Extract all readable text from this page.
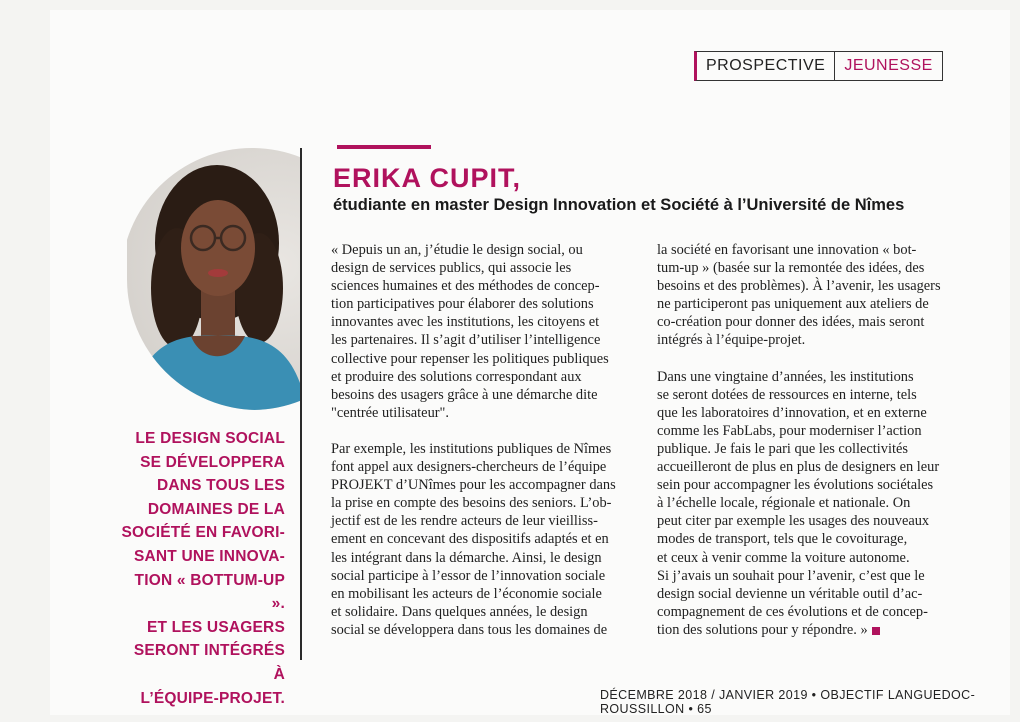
PROSPECTIVE	JEUNESSE
LE DESIGN SOCIAL
SE DÉVELOPPERA
DANS TOUS LES
DOMAINES DE LA
SOCIÉTÉ EN FAVORI-
SANT UNE INNOVA-
TION « BOTTUM-UP ».
ET LES USAGERS
SERONT INTÉGRÉS À
L’ÉQUIPE-PROJET.
ERIKA CUPIT,
étudiante en master Design Innovation et Société à l’Université de Nîmes

« Depuis un an, j’étudie le design social, ou
design de services publics, qui associe les
sciences humaines et des méthodes de concep-
tion participatives pour élaborer des solutions
innovantes avec les institutions, les citoyens et
les partenaires. Il s’agit d’utiliser l’intelligence
collective pour repenser les politiques publiques
et produire des solutions correspondant aux
besoins des usagers grâce à une démarche dite
"centrée utilisateur".

Par exemple, les institutions publiques de Nîmes
font appel aux designers-chercheurs de l’équipe
PROJEKT d’UNîmes pour les accompagner dans
la prise en compte des besoins des seniors. L’ob-
jectif est de les rendre acteurs de leur vieilliss-
ement en concevant des dispositifs adaptés et en
les intégrant dans la démarche. Ainsi, le design
social participe à l’essor de l’innovation sociale
en mobilisant les acteurs de l’économie sociale
et solidaire. Dans quelques années, le design
social se développera dans tous les domaines de

la société en favorisant une innovation « bot-
tum-up » (basée sur la remontée des idées, des
besoins et des problèmes). À l’avenir, les usagers
ne participeront pas uniquement aux ateliers de
co-création pour donner des idées, mais seront
intégrés à l’équipe-projet.

Dans une vingtaine d’années, les institutions
se seront dotées de ressources en interne, tels
que les laboratoires d’innovation, et en externe
comme les FabLabs, pour moderniser l’action
publique. Je fais le pari que les collectivités
accueilleront de plus en plus de designers en leur
sein pour accompagner les évolutions sociétales
à l’échelle locale, régionale et nationale. On
peut citer par exemple les usages des nouveaux
modes de transport, tels que le covoiturage,
et ceux à venir comme la voiture autonome.
Si j’avais un souhait pour l’avenir, c’est que le
design social devienne un véritable outil d’ac-
compagnement de ces évolutions et de concep-
tion des solutions pour y répondre. »

DÉCEMBRE 2018 / JANVIER 2019 • OBJECTIF LANGUEDOC-ROUSSILLON • 65
